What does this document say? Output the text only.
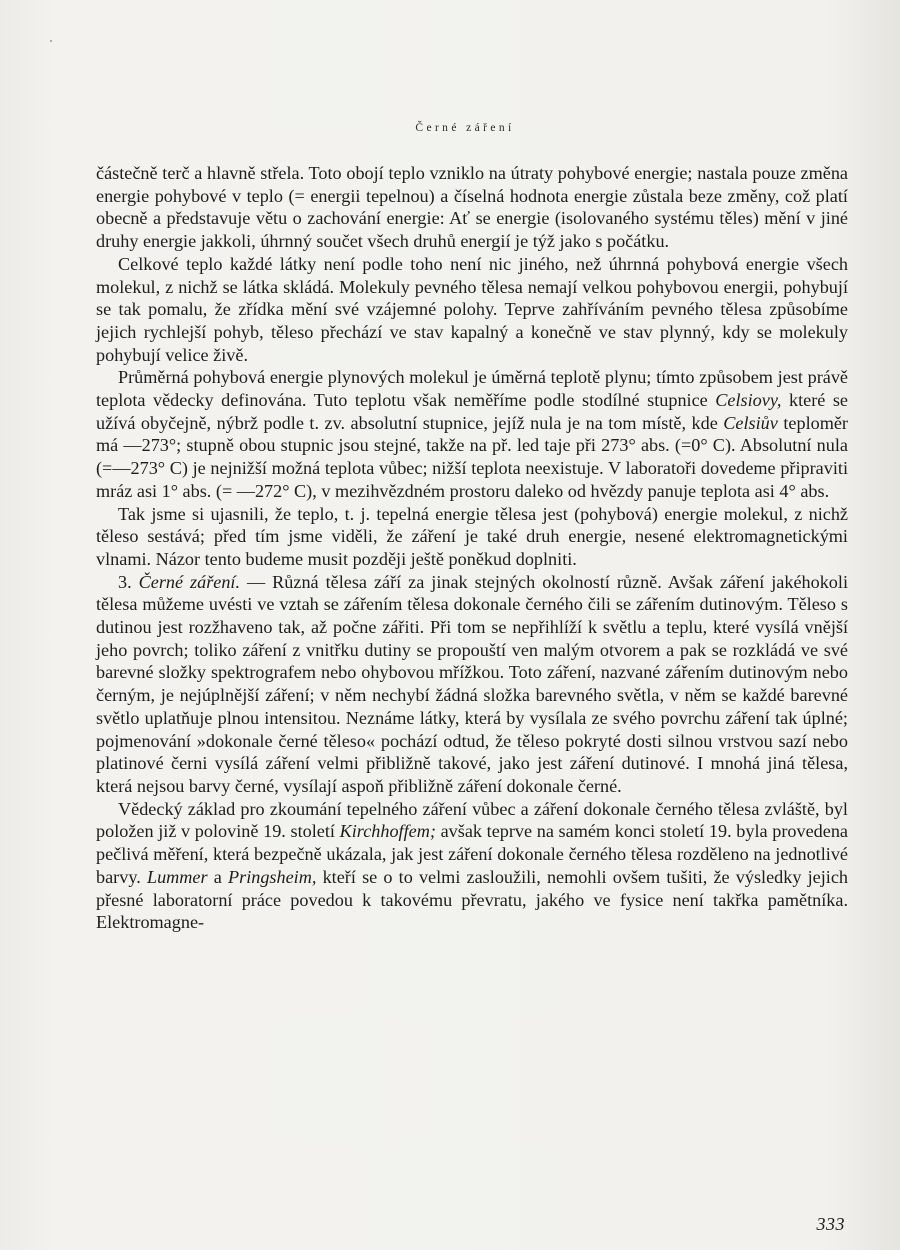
Černé záření

částečně terč a hlavně střela. Toto obojí teplo vzniklo na útraty pohybové energie; nastala pouze změna energie pohybové v teplo (= energii tepelnou) a číselná hodnota energie zůstala beze změny, což platí obecně a představuje větu o zachování energie: Ať se energie (isolovaného systému těles) mění v jiné druhy energie jakkoli, úhrnný součet všech druhů energií je týž jako s počátku.

Celkové teplo každé látky není podle toho není nic jiného, než úhrnná pohybová energie všech molekul, z nichž se látka skládá. Molekuly pevného tělesa nemají velkou pohybovou energii, pohybují se tak pomalu, že zřídka mění své vzájemné polohy. Teprve zahříváním pevného tělesa způsobíme jejich rychlejší pohyb, těleso přechází ve stav kapalný a konečně ve stav plynný, kdy se molekuly pohybují velice živě.

Průměrná pohybová energie plynových molekul je úměrná teplotě plynu; tímto způsobem jest právě teplota vědecky definována. Tuto teplotu však neměříme podle stodílné stupnice Celsiovy, které se užívá obyčejně, nýbrž podle t. zv. absolutní stupnice, jejíž nula je na tom místě, kde Celsiův teploměr má —273°; stupně obou stupnic jsou stejné, takže na př. led taje při 273° abs. (=0° C). Absolutní nula (=—273° C) je nejnižší možná teplota vůbec; nižší teplota neexistuje. V laboratoři dovedeme připraviti mráz asi 1° abs. (= —272° C), v mezihvězdném prostoru daleko od hvězdy panuje teplota asi 4° abs.

Tak jsme si ujasnili, že teplo, t. j. tepelná energie tělesa jest (pohybová) energie molekul, z nichž těleso sestává; před tím jsme viděli, že záření je také druh energie, nesené elektromagnetickými vlnami. Názor tento budeme musit později ještě poněkud doplniti.

3. Černé záření. — Různá tělesa září za jinak stejných okolností různě. Avšak záření jakéhokoli tělesa můžeme uvésti ve vztah se zářením tělesa dokonale černého čili se zářením dutinovým. Těleso s dutinou jest rozžhaveno tak, až počne zářiti. Při tom se nepřihlíží k světlu a teplu, které vysílá vnější jeho povrch; toliko záření z vnitřku dutiny se propouští ven malým otvorem a pak se rozkládá ve své barevné složky spektrografem nebo ohybovou mřížkou. Toto záření, nazvané zářením dutinovým nebo černým, je nejúplnější záření; v něm nechybí žádná složka barevného světla, v něm se každé barevné světlo uplatňuje plnou intensitou. Neznáme látky, která by vysílala ze svého povrchu záření tak úplné; pojmenování »dokonale černé těleso« pochází odtud, že těleso pokryté dosti silnou vrstvou sazí nebo platinové černi vysílá záření velmi přibližně takové, jako jest záření dutinové. I mnohá jiná tělesa, která nejsou barvy černé, vysílají aspoň přibližně záření dokonale černé.

Vědecký základ pro zkoumání tepelného záření vůbec a záření dokonale černého tělesa zvláště, byl položen již v polovině 19. století Kirchhoffem; avšak teprve na samém konci století 19. byla provedena pečlivá měření, která bezpečně ukázala, jak jest záření dokonale černého tělesa rozděleno na jednotlivé barvy. Lummer a Pringsheim, kteří se o to velmi zasloužili, nemohli ovšem tušiti, že výsledky jejich přesné laboratorní práce povedou k takovému převratu, jakého ve fysice není takřka pamětníka. Elektromagne-

333
